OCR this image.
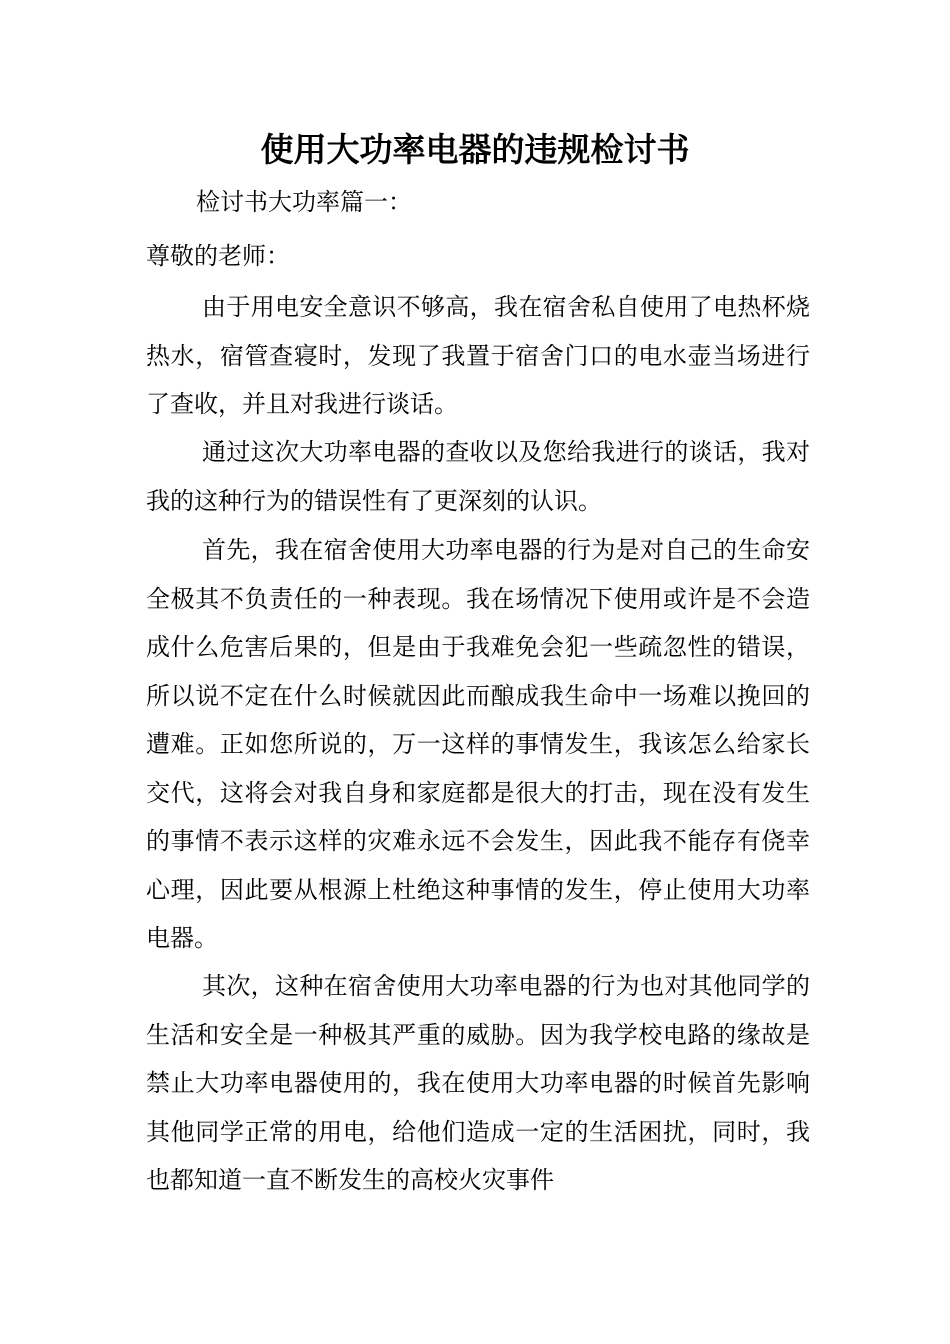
使用大功率电器的违规检讨书

检讨书大功率篇一：

尊敬的老师：

由于用电安全意识不够高，我在宿舍私自使用了电热杯烧热水，宿管查寝时，发现了我置于宿舍门口的电水壶当场进行了查收，并且对我进行谈话。

通过这次大功率电器的查收以及您给我进行的谈话，我对我的这种行为的错误性有了更深刻的认识。

首先，我在宿舍使用大功率电器的行为是对自己的生命安全极其不负责任的一种表现。我在场情况下使用或许是不会造成什么危害后果的，但是由于我难免会犯一些疏忽性的错误，所以说不定在什么时候就因此而酿成我生命中一场难以挽回的遭难。正如您所说的，万一这样的事情发生，我该怎么给家长交代，这将会对我自身和家庭都是很大的打击，现在没有发生的事情不表示这样的灾难永远不会发生，因此我不能存有侥幸心理，因此要从根源上杜绝这种事情的发生，停止使用大功率电器。

其次，这种在宿舍使用大功率电器的行为也对其他同学的生活和安全是一种极其严重的威胁。因为我学校电路的缘故是禁止大功率电器使用的，我在使用大功率电器的时候首先影响其他同学正常的用电，给他们造成一定的生活困扰，同时，我也都知道一直不断发生的高校火灾事件
